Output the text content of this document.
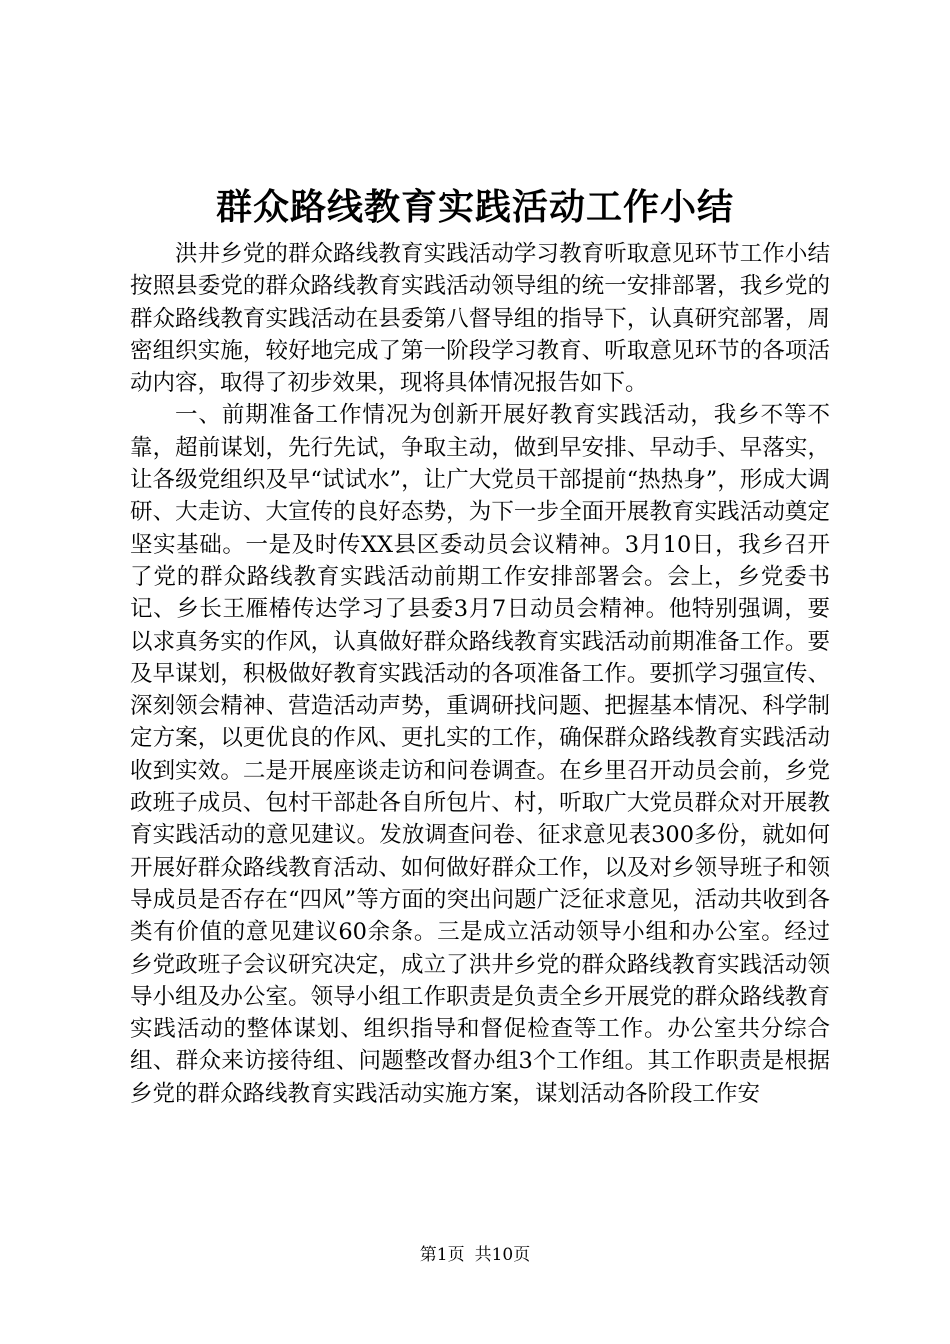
群众路线教育实践活动工作小结

洪井乡党的群众路线教育实践活动学习教育听取意见环节工作小结按照县委党的群众路线教育实践活动领导组的统一安排部署，我乡党的群众路线教育实践活动在县委第八督导组的指导下，认真研究部署，周密组织实施，较好地完成了第一阶段学习教育、听取意见环节的各项活动内容，取得了初步效果，现将具体情况报告如下。

一、前期准备工作情况为创新开展好教育实践活动，我乡不等不靠，超前谋划，先行先试，争取主动，做到早安排、早动手、早落实，让各级党组织及早“试试水”，让广大党员干部提前“热热身”，形成大调研、大走访、大宣传的良好态势，为下一步全面开展教育实践活动奠定坚实基础。一是及时传XX县区委动员会议精神。3月10日，我乡召开了党的群众路线教育实践活动前期工作安排部署会。会上，乡党委书记、乡长王雁椿传达学习了县委3月7日动员会精神。他特别强调，要以求真务实的作风，认真做好群众路线教育实践活动前期准备工作。要及早谋划，积极做好教育实践活动的各项准备工作。要抓学习强宣传、深刻领会精神、营造活动声势，重调研找问题、把握基本情况、科学制定方案，以更优良的作风、更扎实的工作，确保群众路线教育实践活动收到实效。二是开展座谈走访和问卷调查。在乡里召开动员会前，乡党政班子成员、包村干部赴各自所包片、村，听取广大党员群众对开展教育实践活动的意见建议。发放调查问卷、征求意见表300多份，就如何开展好群众路线教育活动、如何做好群众工作，以及对乡领导班子和领导成员是否存在“四风”等方面的突出问题广泛征求意见，活动共收到各类有价值的意见建议60余条。三是成立活动领导小组和办公室。经过乡党政班子会议研究决定，成立了洪井乡党的群众路线教育实践活动领导小组及办公室。领导小组工作职责是负责全乡开展党的群众路线教育实践活动的整体谋划、组织指导和督促检查等工作。办公室共分综合组、群众来访接待组、问题整改督办组3个工作组。其工作职责是根据乡党的群众路线教育实践活动实施方案，谋划活动各阶段工作安

第1页 共10页
